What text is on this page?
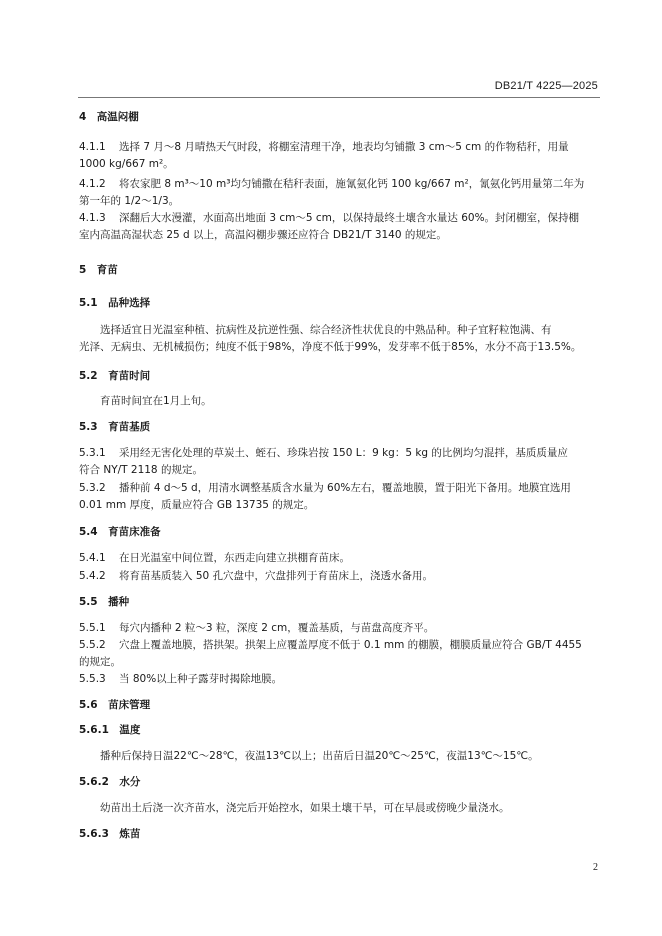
DB21/T 4225—2025
4　高温闷棚
4.1.1 选择 7 月～8 月晴热天气时段，将棚室清理干净，地表均匀铺撒 3 cm～5 cm 的作物秸秆，用量
1000 kg/667 m²。
4.1.2 将农家肥 8 m³～10 m³均匀铺撒在秸秆表面，施氰氨化钙 100 kg/667 m²，氰氨化钙用量第二年为
第一年的 1/2～1/3。
4.1.3 深翻后大水漫灌，水面高出地面 3 cm～5 cm，以保持最终土壤含水量达 60%。封闭棚室，保持棚
室内高温高湿状态 25 d 以上，高温闷棚步骤还应符合 DB21/T 3140 的规定。
5　育苗
5.1　品种选择
选择适宜日光温室种植、抗病性及抗逆性强、综合经济性状优良的中熟品种。种子宜籽粒饱满、有
光泽、无病虫、无机械损伤；纯度不低于98%，净度不低于99%，发芽率不低于85%，水分不高于13.5%。
5.2　育苗时间
育苗时间宜在1月上旬。
5.3　育苗基质
5.3.1 采用经无害化处理的草炭土、蛭石、珍珠岩按 150 L：9 kg：5 kg 的比例均匀混拌，基质质量应
符合 NY/T 2118 的规定。
5.3.2 播种前 4 d～5 d，用清水调整基质含水量为 60%左右，覆盖地膜，置于阳光下备用。地膜宜选用
0.01 mm 厚度，质量应符合 GB 13735 的规定。
5.4　育苗床准备
5.4.1 在日光温室中间位置，东西走向建立拱棚育苗床。
5.4.2 将育苗基质装入 50 孔穴盘中，穴盘排列于育苗床上，浇透水备用。
5.5　播种
5.5.1 每穴内播种 2 粒～3 粒，深度 2 cm，覆盖基质，与苗盘高度齐平。
5.5.2 穴盘上覆盖地膜，搭拱架。拱架上应覆盖厚度不低于 0.1 mm 的棚膜，棚膜质量应符合 GB/T 4455
的规定。
5.5.3 当 80%以上种子露芽时揭除地膜。
5.6　苗床管理
5.6.1　温度
播种后保持日温22℃～28℃，夜温13℃以上；出苗后日温20℃～25℃，夜温13℃～15℃。
5.6.2　水分
幼苗出土后浇一次齐苗水，浇完后开始控水，如果土壤干旱，可在早晨或傍晚少量浇水。
5.6.3　炼苗
2
